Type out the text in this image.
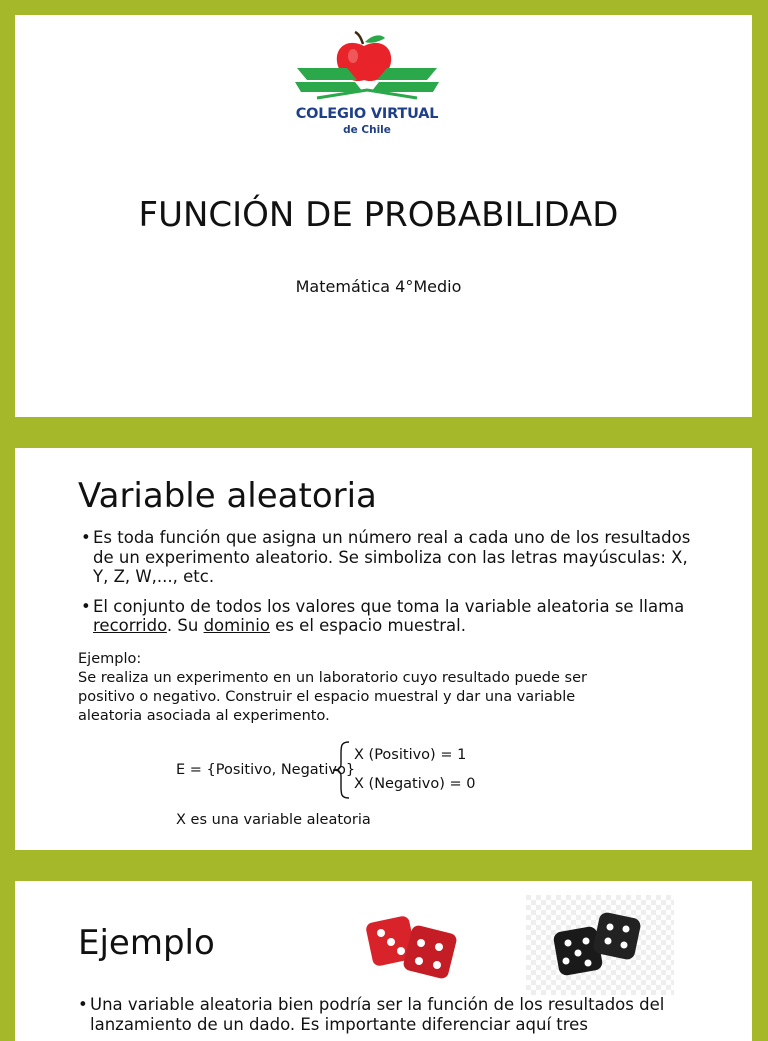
COLEGIO VIRTUAL
de Chile
FUNCIÓN DE PROBABILIDAD
Matemática 4°Medio
Variable aleatoria
• Es toda función que asigna un número real a cada uno de los resultados de un experimento aleatorio. Se simboliza con las letras mayúsculas: X, Y, Z, W,..., etc.
• El conjunto de todos los valores que toma la variable aleatoria se llama recorrido. Su dominio es el espacio muestral.
Ejemplo:
Se realiza un experimento en un laboratorio cuyo resultado puede ser positivo o negativo. Construir el espacio muestral y dar una variable aleatoria asociada al experimento.
E = {Positivo, Negativo}
X (Positivo) = 1
X (Negativo) = 0
X es una variable aleatoria
Ejemplo
• Una variable aleatoria bien podría ser la función de los resultados del lanzamiento de un dado. Es importante diferenciar aquí tres
